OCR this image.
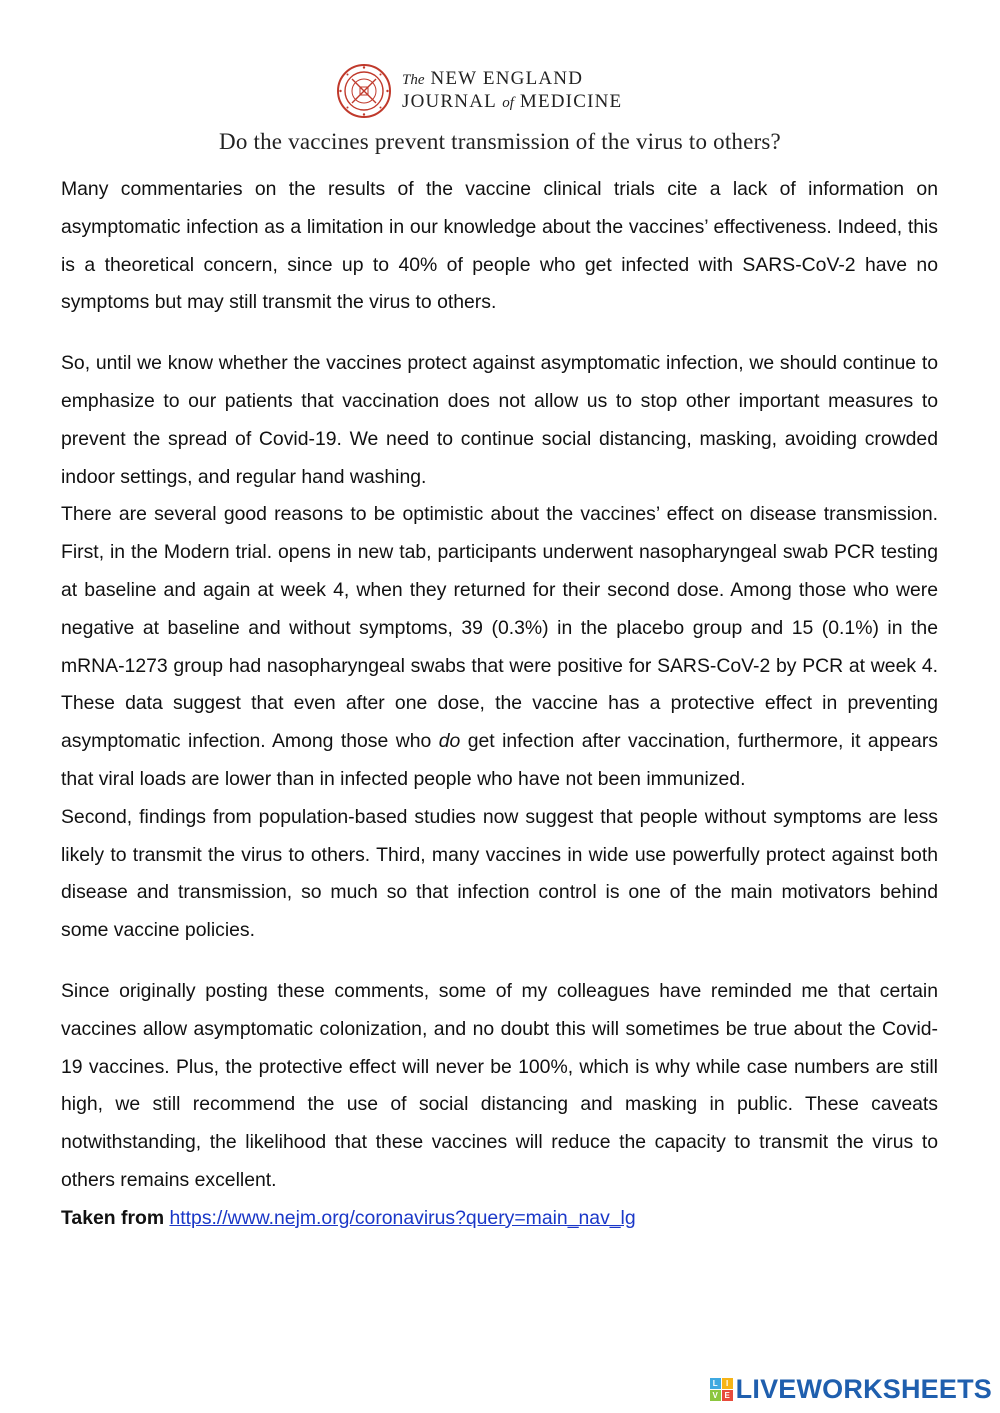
The NEW ENGLAND
JOURNAL of MEDICINE
Do the vaccines prevent transmission of the virus to others?

Many commentaries on the results of the vaccine clinical trials cite a lack of information on asymptomatic infection as a limitation in our knowledge about the vaccines’ effectiveness. Indeed, this is a theoretical concern, since up to 40% of people who get infected with SARS-CoV-2 have no symptoms but may still transmit the virus to others.

So, until we know whether the vaccines protect against asymptomatic infection, we should continue to emphasize to our patients that vaccination does not allow us to stop other important measures to prevent the spread of Covid-19. We need to continue social distancing, masking, avoiding crowded indoor settings, and regular hand washing.

There are several good reasons to be optimistic about the vaccines’ effect on disease transmission. First, in the Modern trial. opens in new tab, participants underwent nasopharyngeal swab PCR testing at baseline and again at week 4, when they returned for their second dose. Among those who were negative at baseline and without symptoms, 39 (0.3%) in the placebo group and 15 (0.1%) in the mRNA-1273 group had nasopharyngeal swabs that were positive for SARS-CoV-2 by PCR at week 4. These data suggest that even after one dose, the vaccine has a protective effect in preventing asymptomatic infection. Among those who do get infection after vaccination, furthermore, it appears that viral loads are lower than in infected people who have not been immunized.

Second, findings from population-based studies now suggest that people without symptoms are less likely to transmit the virus to others. Third, many vaccines in wide use powerfully protect against both disease and transmission, so much so that infection control is one of the main motivators behind some vaccine policies.

Since originally posting these comments, some of my colleagues have reminded me that certain vaccines allow asymptomatic colonization, and no doubt this will sometimes be true about the Covid-19 vaccines. Plus, the protective effect will never be 100%, which is why while case numbers are still high, we still recommend the use of social distancing and masking in public. These caveats notwithstanding, the likelihood that these vaccines will reduce the capacity to transmit the virus to others remains excellent.

Taken from https://www.nejm.org/coronavirus?query=main_nav_lg

L	I
V E LIVEWORKSHEETS
